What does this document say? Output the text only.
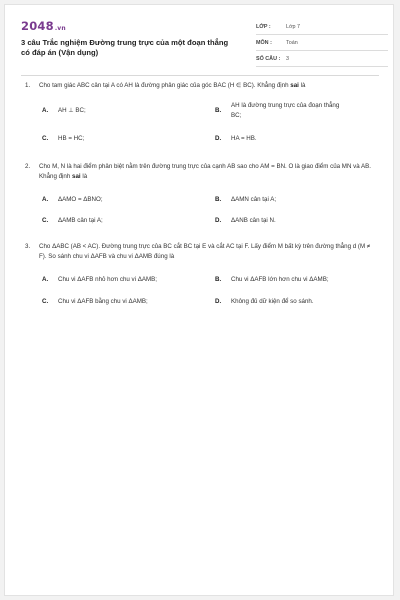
2048.vn
3 câu Trắc nghiệm Đường trung trực của một đoạn thẳng có đáp án (Vận dụng)
LỚP :	Lớp 7
MÔN :	Toán
SỐ CÂU : 3
1. Cho tam giác ABC cân tại A có AH là đường phân giác của góc BAC (H ∈ BC). Khẳng định sai là
A. AH ⊥ BC;	B.
AH là đường trung trực của đoạn thẳng BC;
C. HB = HC;	D. HA = HB.
2. Cho M, N là hai điểm phân biệt nằm trên đường trung trực của cạnh AB sao cho AM = BN. O là giao điểm của MN và AB. Khẳng định sai là
A. ΔAMO = ΔBNO;	B. ΔAMN cân tại A;
C. ΔAMB cân tại A;	D. ΔANB cân tại N.
3. Cho ΔABC (AB < AC). Đường trung trực của BC cắt BC tại E và cắt AC tại F. Lấy điểm M bất kỳ trên đường thẳng d (M ≠ F). So sánh chu vi ΔAFB và chu vi ΔAMB đúng là
A. Chu vi ΔAFB nhỏ hơn chu vi ΔAMB;	B. Chu vi ΔAFB lớn hơn chu vi ΔAMB;
C. Chu vi ΔAFB bằng chu vi ΔAMB;	D. Không đủ dữ kiện để so sánh.
